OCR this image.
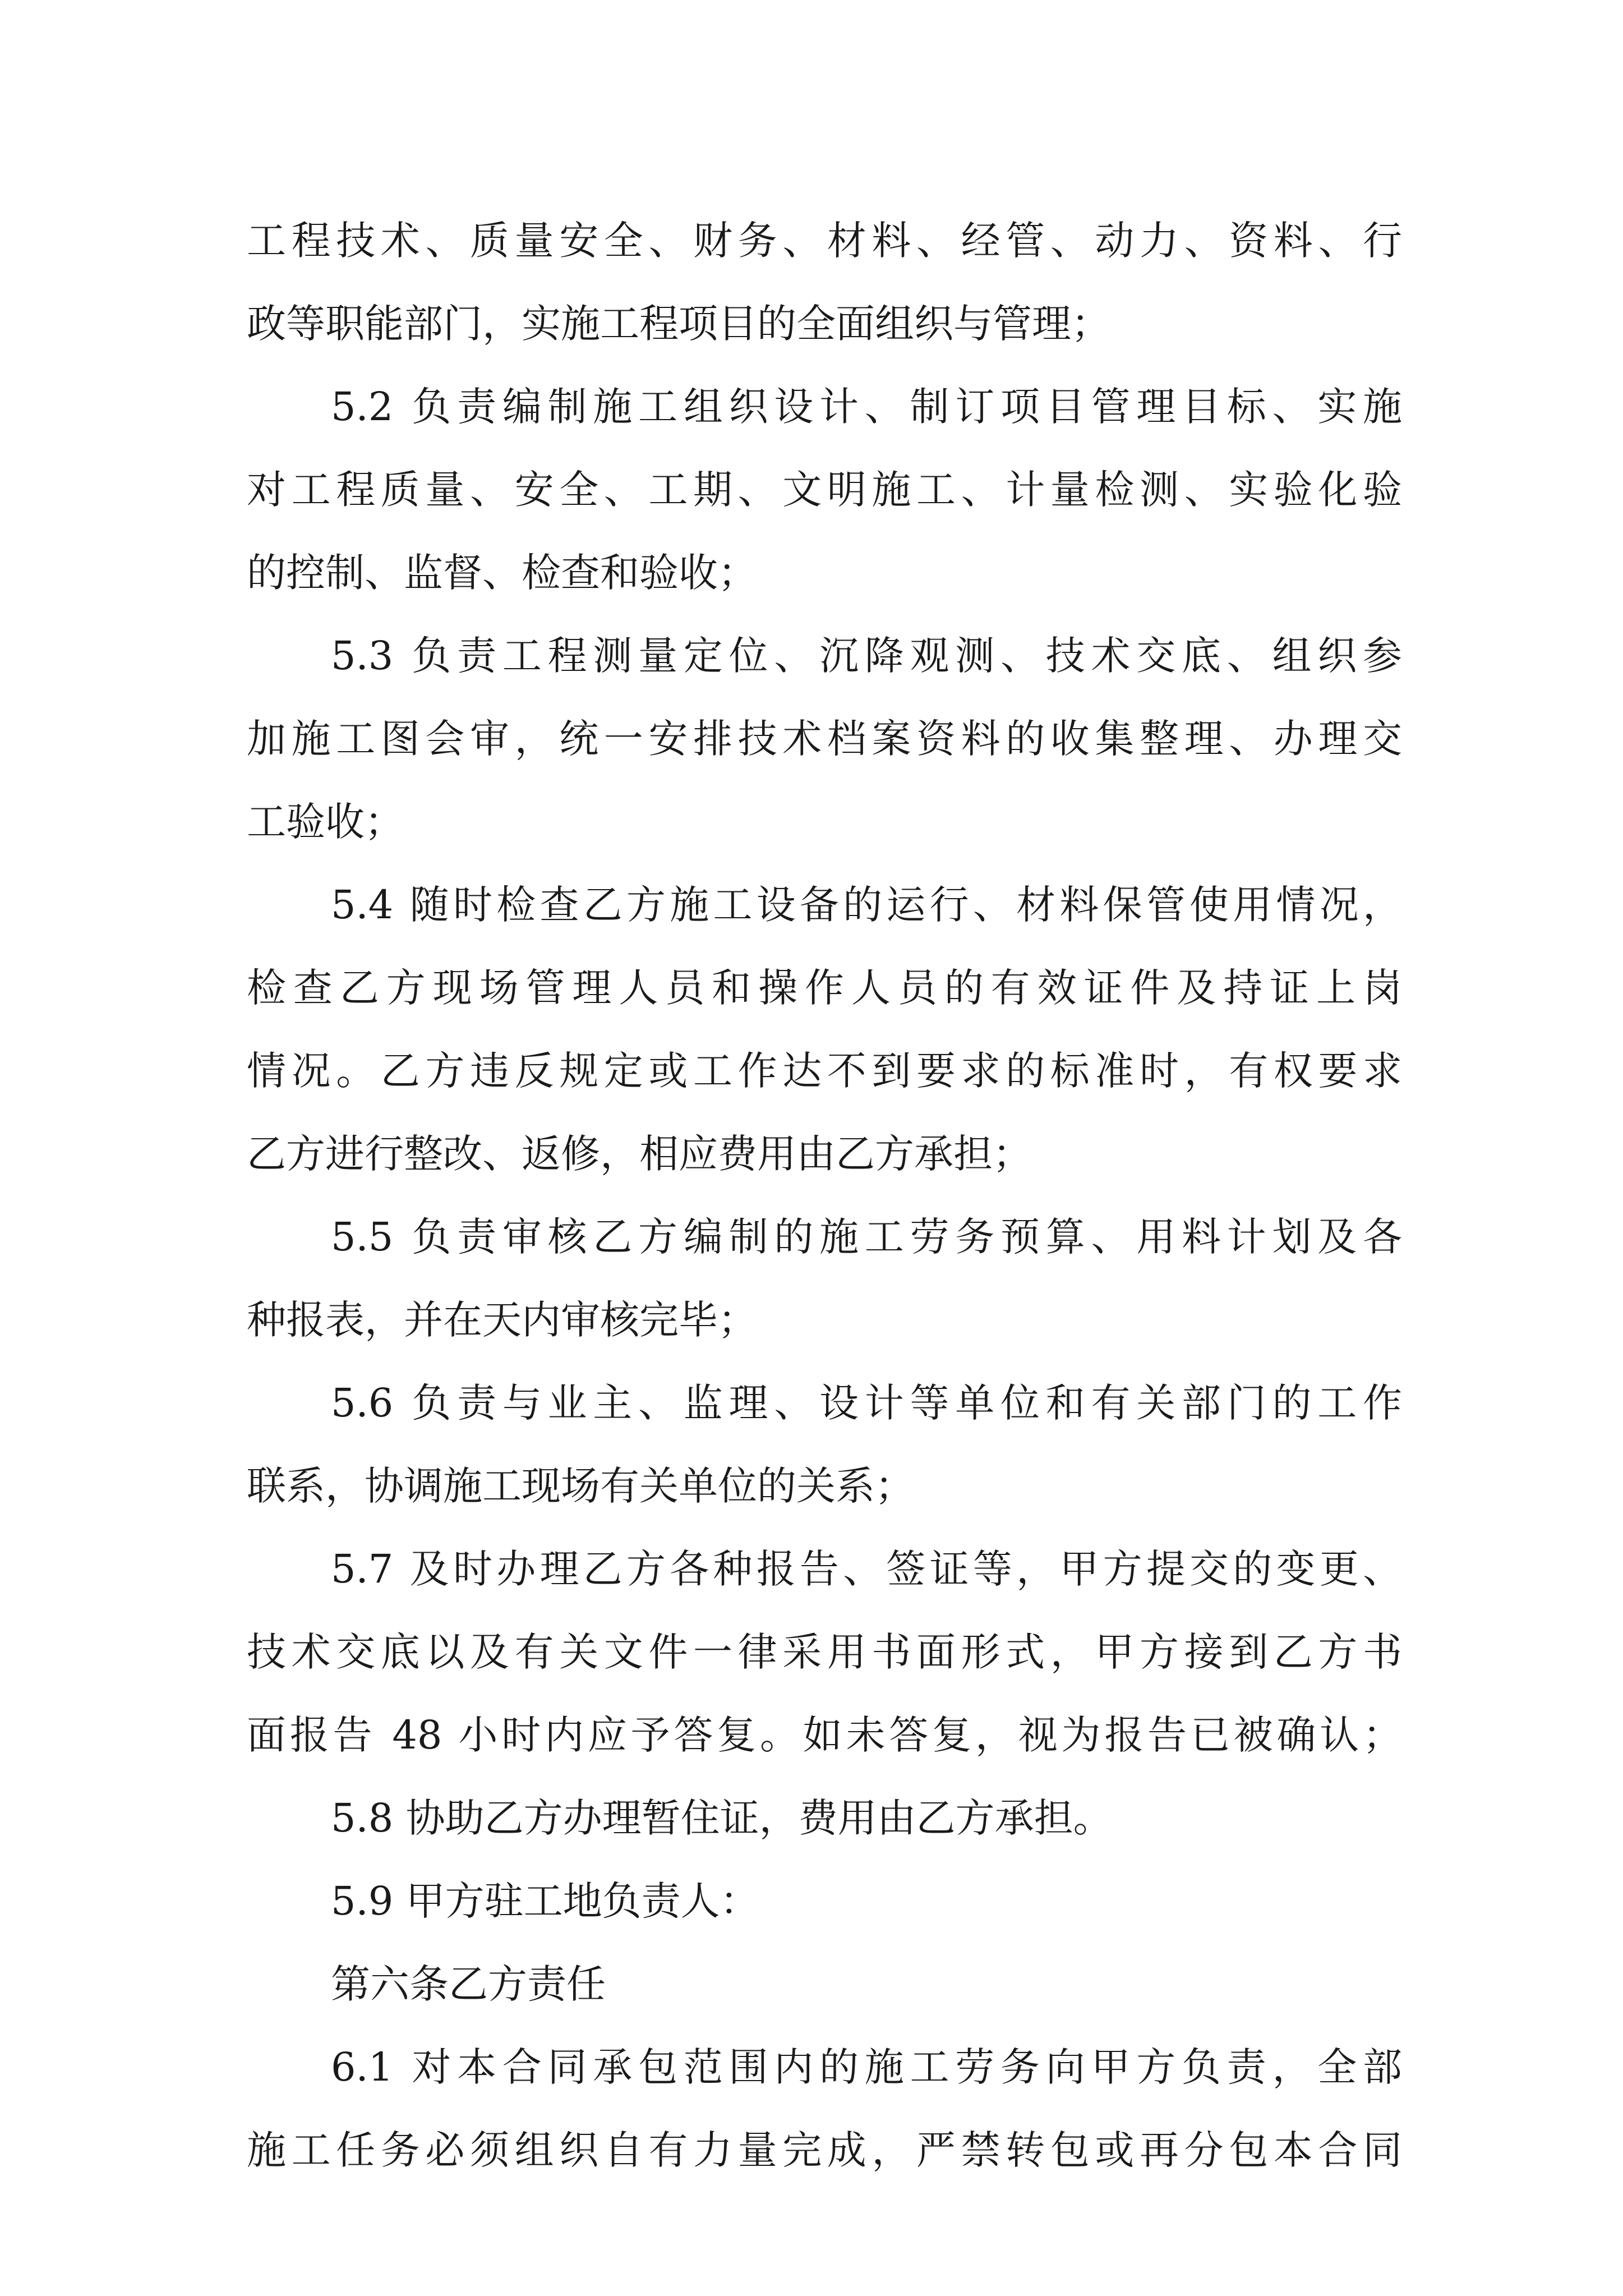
工程技术、质量安全、财务、材料、经管、动力、资料、行
政等职能部门，实施工程项目的全面组织与管理；
5.2 负责编制施工组织设计、制订项目管理目标、实施
对工程质量、安全、工期、文明施工、计量检测、实验化验
的控制、监督、检查和验收；
5.3 负责工程测量定位、沉降观测、技术交底、组织参
加施工图会审，统一安排技术档案资料的收集整理、办理交
工验收；
5.4 随时检查乙方施工设备的运行、材料保管使用情况，
检查乙方现场管理人员和操作人员的有效证件及持证上岗
情况。乙方违反规定或工作达不到要求的标准时，有权要求
乙方进行整改、返修，相应费用由乙方承担；
5.5 负责审核乙方编制的施工劳务预算、用料计划及各
种报表，并在天内审核完毕；
5.6 负责与业主、监理、设计等单位和有关部门的工作
联系，协调施工现场有关单位的关系；
5.7 及时办理乙方各种报告、签证等，甲方提交的变更、
技术交底以及有关文件一律采用书面形式，甲方接到乙方书
面报告 48 小时内应予答复。如未答复，视为报告已被确认；
5.8 协助乙方办理暂住证，费用由乙方承担。
5.9 甲方驻工地负责人：
第六条乙方责任
6.1 对本合同承包范围内的施工劳务向甲方负责，全部
施工任务必须组织自有力量完成，严禁转包或再分包本合同
